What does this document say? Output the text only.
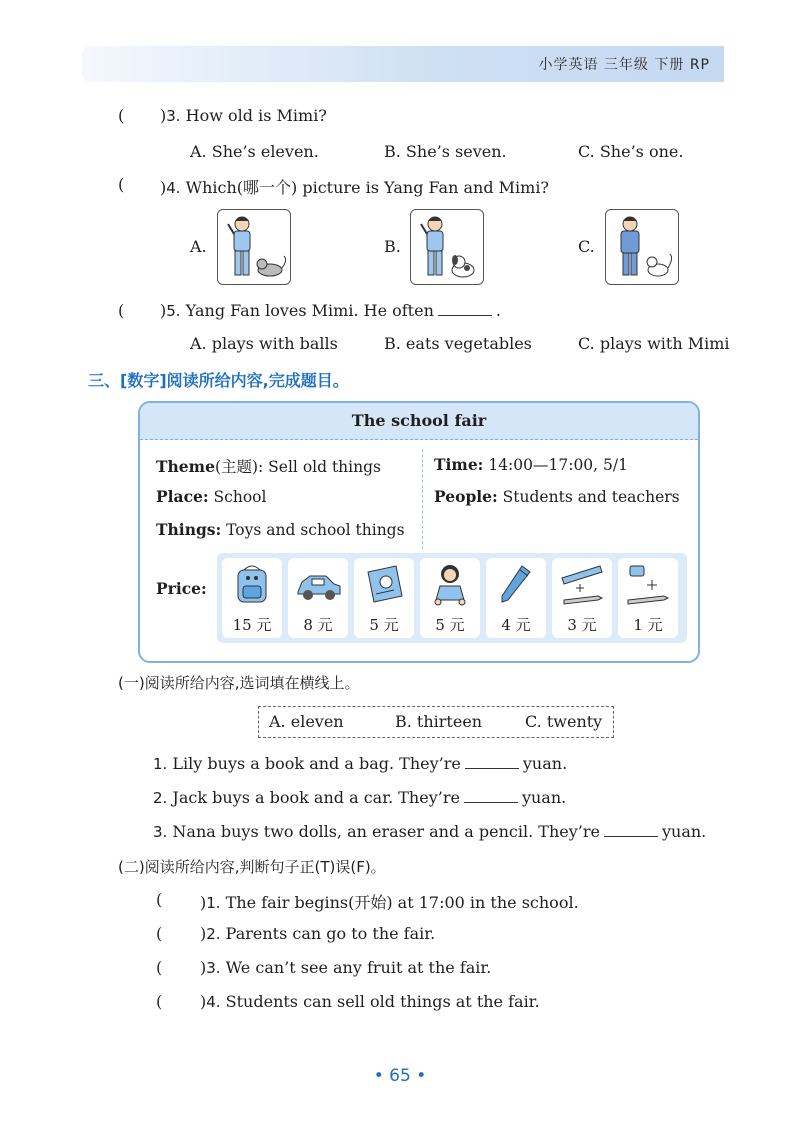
小学英语 三年级 下册 RP
( )3. How old is Mimi?
A. She’s eleven.	B. She’s seven.	C. She’s one.
( )4. Which(哪一个) picture is Yang Fan and Mimi?
A.	B.	C.
( )5. Yang Fan loves Mimi. He often	.
A. plays with balls	B. eats vegetables	C. plays with Mimi
三、[数字]阅读所给内容,完成题目。
The school fair
Theme(主题): Sell old things	Time: 14:00—17:00, 5/1
Place: School	People: Students and teachers
Things: Toys and school things
Price:
15 元	8 元	5 元	5 元	4 元	3 元	1 元
(一)阅读所给内容,选词填在横线上。
A. eleven	B. thirteen	C. twenty
1. Lily buys a book and a bag. They’re	yuan.
2. Jack buys a book and a car. They’re	yuan.
3. Nana buys two dolls, an eraser and a pencil. They’re	yuan.
(二)阅读所给内容,判断句子正(T)误(F)。
( )1. The fair begins(开始) at 17:00 in the school.
( )2. Parents can go to the fair.
( )3. We can’t see any fruit at the fair.
( )4. Students can sell old things at the fair.
• 65 •
